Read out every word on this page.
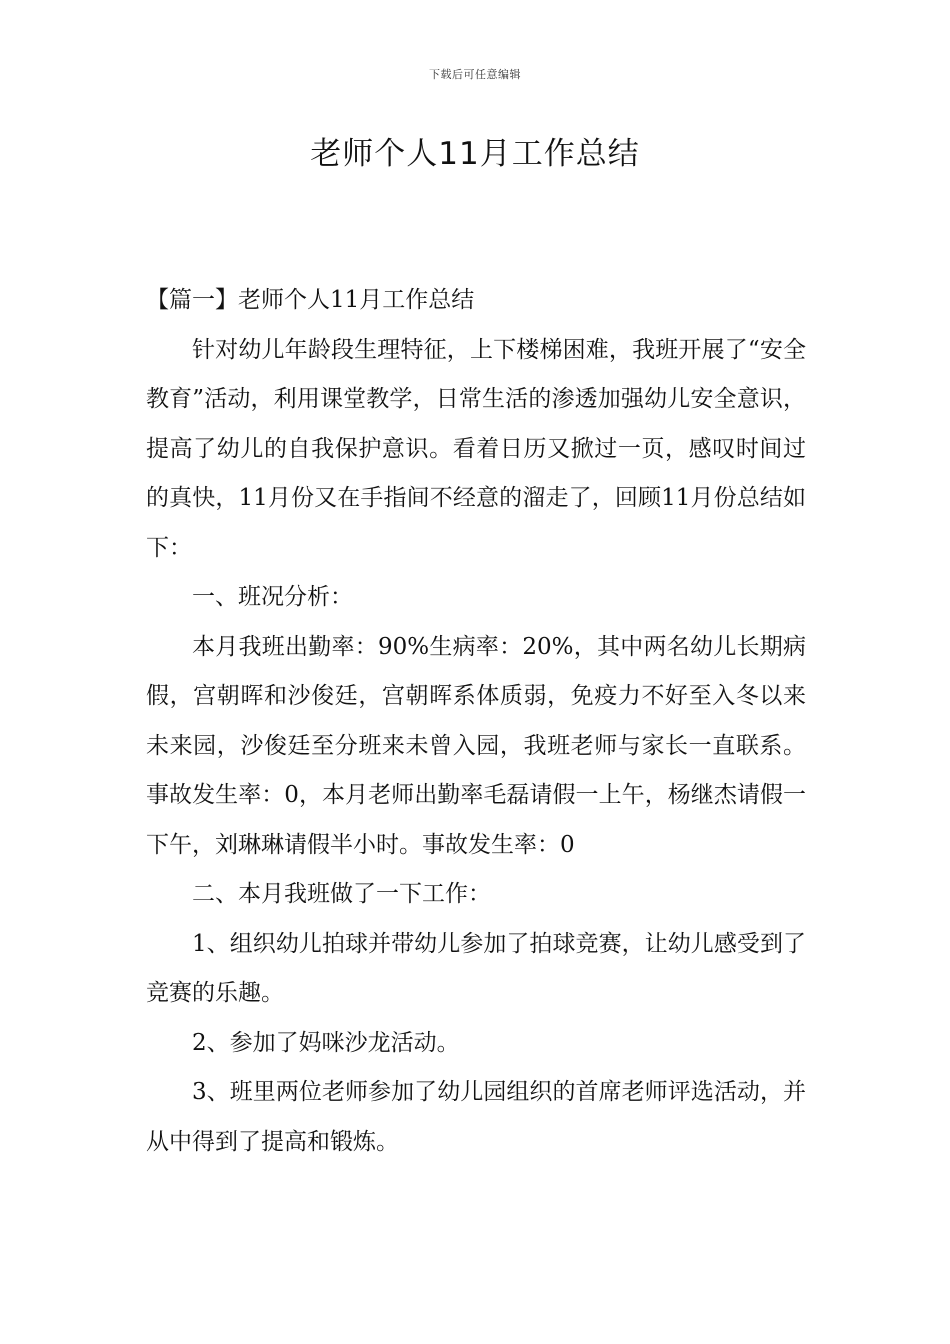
下载后可任意编辑
老师个人11月工作总结

【篇一】老师个人11月工作总结

针对幼儿年龄段生理特征，上下楼梯困难，我班开展了“安全教育”活动，利用课堂教学，日常生活的渗透加强幼儿安全意识，提高了幼儿的自我保护意识。看着日历又掀过一页，感叹时间过的真快，11月份又在手指间不经意的溜走了，回顾11月份总结如下：

一、班况分析：

本月我班出勤率：90%生病率：20%，其中两名幼儿长期病假，宫朝晖和沙俊廷，宫朝晖系体质弱，免疫力不好至入冬以来未来园，沙俊廷至分班来未曾入园，我班老师与家长一直联系。事故发生率：0，本月老师出勤率毛磊请假一上午，杨继杰请假一下午，刘琳琳请假半小时。事故发生率：0

二、本月我班做了一下工作：

1、组织幼儿拍球并带幼儿参加了拍球竞赛，让幼儿感受到了竞赛的乐趣。

2、参加了妈咪沙龙活动。

3、班里两位老师参加了幼儿园组织的首席老师评选活动，并从中得到了提高和锻炼。
